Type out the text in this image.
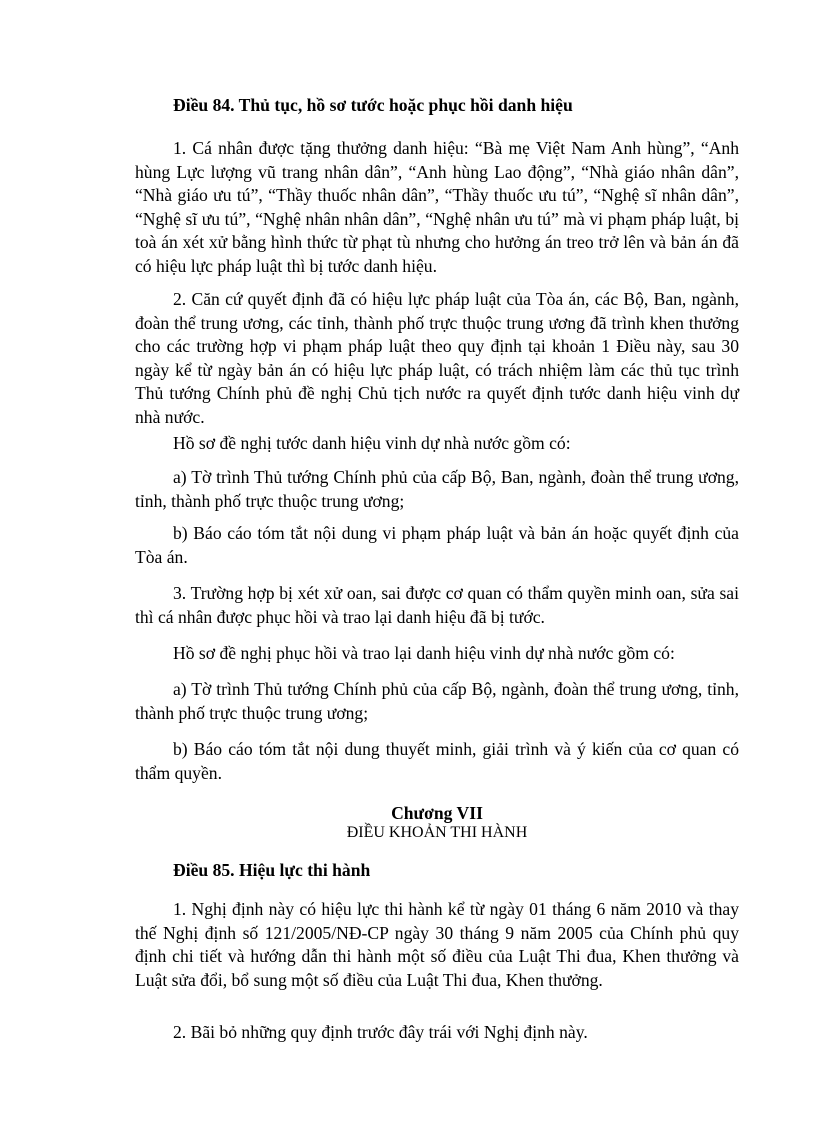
Điều 84. Thủ tục, hồ sơ tước hoặc phục hồi danh hiệu

1. Cá nhân được tặng thưởng danh hiệu: “Bà mẹ Việt Nam Anh hùng”, “Anh hùng Lực lượng vũ trang nhân dân”, “Anh hùng Lao động”, “Nhà giáo nhân dân”, “Nhà giáo ưu tú”, “Thầy thuốc nhân dân”, “Thầy thuốc ưu tú”, “Nghệ sĩ nhân dân”, “Nghệ sĩ ưu tú”, “Nghệ nhân nhân dân”, “Nghệ nhân ưu tú” mà vi phạm pháp luật, bị toà án xét xử bằng hình thức từ phạt tù nhưng cho hưởng án treo trở lên và bản án đã có hiệu lực pháp luật thì bị tước danh hiệu.

2. Căn cứ quyết định đã có hiệu lực pháp luật của Tòa án, các Bộ, Ban, ngành, đoàn thể trung ương, các tỉnh, thành phố trực thuộc trung ương đã trình khen thưởng cho các trường hợp vi phạm pháp luật theo quy định tại khoản 1 Điều này, sau 30 ngày kể từ ngày bản án có hiệu lực pháp luật, có trách nhiệm làm các thủ tục trình Thủ tướng Chính phủ đề nghị Chủ tịch nước ra quyết định tước danh hiệu vinh dự nhà nước.

Hồ sơ đề nghị tước danh hiệu vinh dự nhà nước gồm có:

a) Tờ trình Thủ tướng Chính phủ của cấp Bộ, Ban, ngành, đoàn thể trung ương, tỉnh, thành phố trực thuộc trung ương;

b) Báo cáo tóm tắt nội dung vi phạm pháp luật và bản án hoặc quyết định của Tòa án.

3. Trường hợp bị xét xử oan, sai được cơ quan có thẩm quyền minh oan, sửa sai thì cá nhân được phục hồi và trao lại danh hiệu đã bị tước.

Hồ sơ đề nghị phục hồi và trao lại danh hiệu vinh dự nhà nước gồm có:

a) Tờ trình Thủ tướng Chính phủ của cấp Bộ, ngành, đoàn thể trung ương, tỉnh, thành phố trực thuộc trung ương;

b) Báo cáo tóm tắt nội dung thuyết minh, giải trình và ý kiến của cơ quan có thẩm quyền.

Chương VII

ĐIỀU KHOẢN THI HÀNH

Điều 85. Hiệu lực thi hành

1. Nghị định này có hiệu lực thi hành kể từ ngày 01 tháng 6 năm 2010 và thay thế Nghị định số 121/2005/NĐ-CP ngày 30 tháng 9 năm 2005 của Chính phủ quy định chi tiết và hướng dẫn thi hành một số điều của Luật Thi đua, Khen thưởng và Luật sửa đổi, bổ sung một số điều của Luật Thi đua, Khen thưởng.

2. Bãi bỏ những quy định trước đây trái với Nghị định này.
